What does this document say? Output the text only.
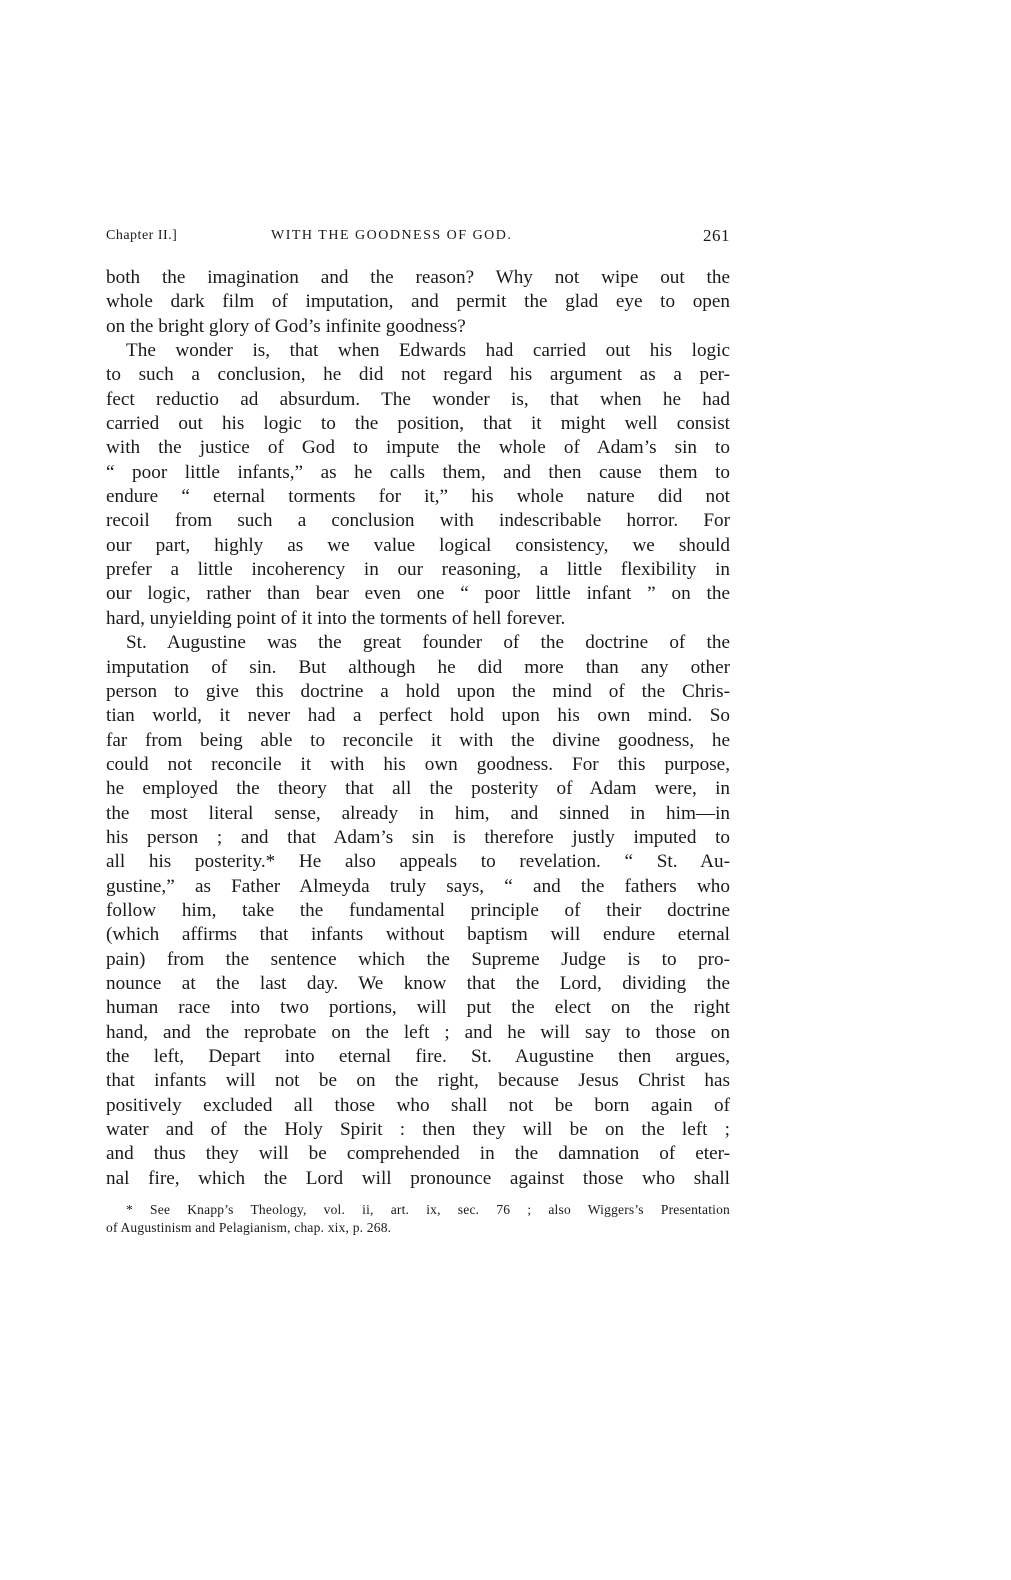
Chapter II.]	WITH THE GOODNESS OF GOD.	261
both the imagination and the reason? Why not wipe out the
whole dark film of imputation, and permit the glad eye to open
on the bright glory of God’s infinite goodness?
The wonder is, that when Edwards had carried out his logic
to such a conclusion, he did not regard his argument as a per-
fect reductio ad absurdum. The wonder is, that when he had
carried out his logic to the position, that it might well consist
with the justice of God to impute the whole of Adam’s sin to
“ poor little infants,” as he calls them, and then cause them to
endure “ eternal torments for it,” his whole nature did not
recoil from such a conclusion with indescribable horror. For
our part, highly as we value logical consistency, we should
prefer a little incoherency in our reasoning, a little flexibility in
our logic, rather than bear even one “ poor little infant ” on the
hard, unyielding point of it into the torments of hell forever.
St. Augustine was the great founder of the doctrine of the
imputation of sin. But although he did more than any other
person to give this doctrine a hold upon the mind of the Chris-
tian world, it never had a perfect hold upon his own mind. So
far from being able to reconcile it with the divine goodness, he
could not reconcile it with his own goodness. For this purpose,
he employed the theory that all the posterity of Adam were, in
the most literal sense, already in him, and sinned in him—in
his person ; and that Adam’s sin is therefore justly imputed to
all his posterity.* He also appeals to revelation. “ St. Au-
gustine,” as Father Almeyda truly says, “ and the fathers who
follow him, take the fundamental principle of their doctrine
(which affirms that infants without baptism will endure eternal
pain) from the sentence which the Supreme Judge is to pro-
nounce at the last day. We know that the Lord, dividing the
human race into two portions, will put the elect on the right
hand, and the reprobate on the left ; and he will say to those on
the left, Depart into eternal fire. St. Augustine then argues,
that infants will not be on the right, because Jesus Christ has
positively excluded all those who shall not be born again of
water and of the Holy Spirit : then they will be on the left ;
and thus they will be comprehended in the damnation of eter-
nal fire, which the Lord will pronounce against those who shall
* See Knapp’s Theology, vol. ii, art. ix, sec. 76 ; also Wiggers’s Presentation
of Augustinism and Pelagianism, chap. xix, p. 268.
